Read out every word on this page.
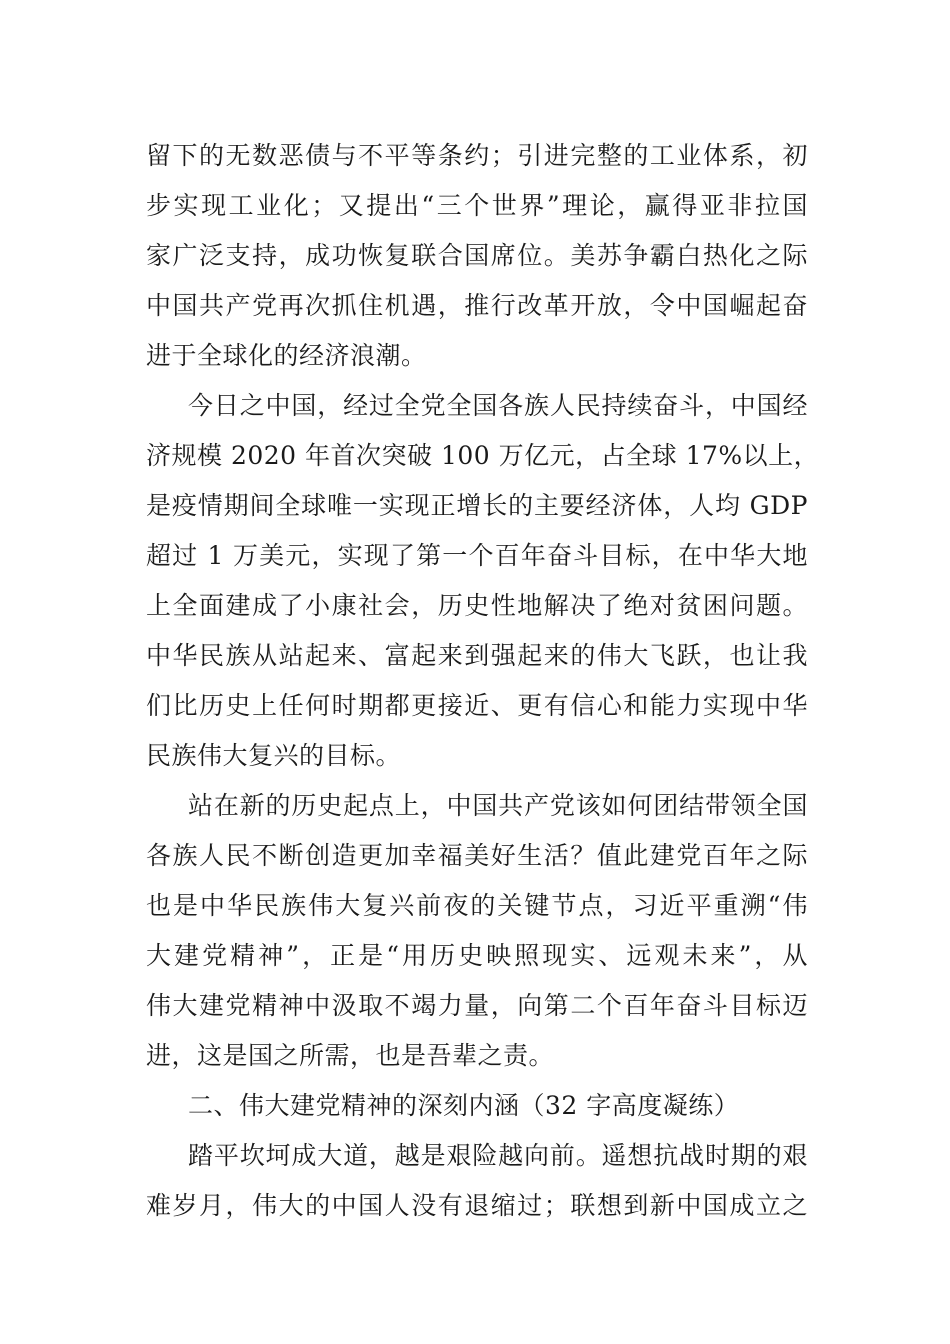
留下的无数恶债与不平等条约；引进完整的工业体系，初
步实现工业化；又提出“三个世界”理论，赢得亚非拉国
家广泛支持，成功恢复联合国席位。美苏争霸白热化之际
中国共产党再次抓住机遇，推行改革开放，令中国崛起奋
进于全球化的经济浪潮。
今日之中国，经过全党全国各族人民持续奋斗，中国经
济规模 2020 年首次突破 100 万亿元，占全球 17%以上，
是疫情期间全球唯一实现正增长的主要经济体，人均 GDP
超过 1 万美元，实现了第一个百年奋斗目标，在中华大地
上全面建成了小康社会，历史性地解决了绝对贫困问题。
中华民族从站起来、富起来到强起来的伟大飞跃，也让我
们比历史上任何时期都更接近、更有信心和能力实现中华
民族伟大复兴的目标。
站在新的历史起点上，中国共产党该如何团结带领全国
各族人民不断创造更加幸福美好生活？值此建党百年之际
也是中华民族伟大复兴前夜的关键节点，习近平重溯“伟
大建党精神”，正是“用历史映照现实、远观未来”，从
伟大建党精神中汲取不竭力量，向第二个百年奋斗目标迈
进，这是国之所需，也是吾辈之责。
二、伟大建党精神的深刻内涵（32 字高度凝练）
踏平坎坷成大道，越是艰险越向前。遥想抗战时期的艰
难岁月，伟大的中国人没有退缩过；联想到新中国成立之
